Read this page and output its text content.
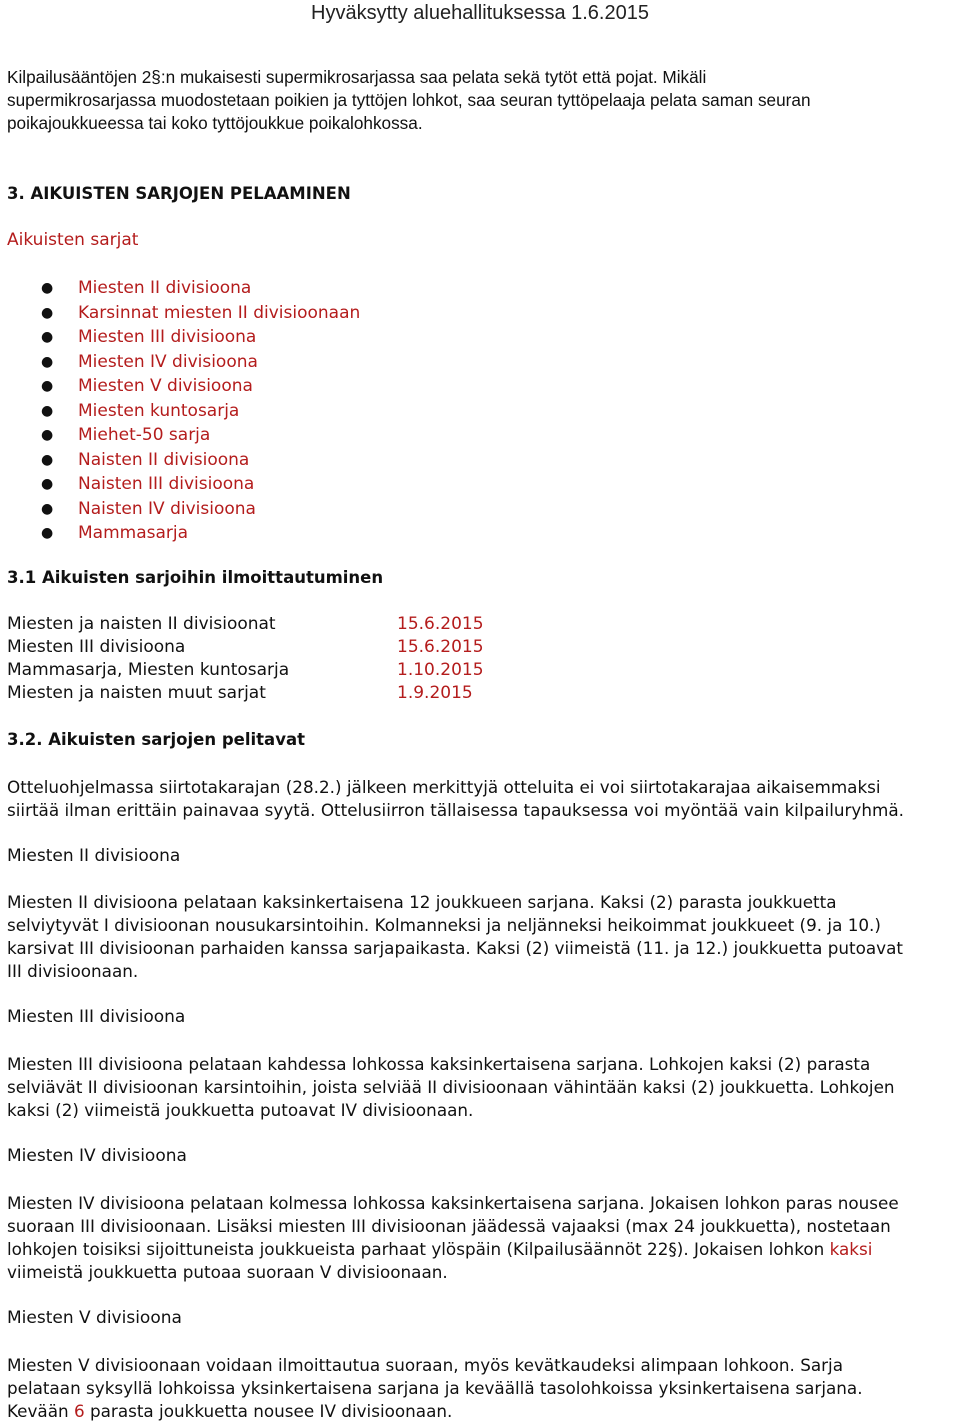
Hyväksytty aluehallituksessa 1.6.2015
Kilpailusääntöjen 2§:n mukaisesti supermikrosarjassa saa pelata sekä tytöt että pojat. Mikäli
supermikrosarjassa muodostetaan poikien ja tyttöjen lohkot, saa seuran tyttöpelaaja pelata saman seuran
poikajoukkueessa tai koko tyttöjoukkue poikalohkossa.
3. AIKUISTEN SARJOJEN PELAAMINEN
Aikuisten sarjat
● Miesten II divisioona
● Karsinnat miesten II divisioonaan
● Miesten III divisioona
● Miesten IV divisioona
● Miesten V divisioona
● Miesten kuntosarja
● Miehet-50 sarja
● Naisten II divisioona
● Naisten III divisioona
● Naisten IV divisioona
● Mammasarja
3.1 Aikuisten sarjoihin ilmoittautuminen
Miesten ja naisten II divisioonat	15.6.2015
Miesten III divisioona	15.6.2015
Mammasarja, Miesten kuntosarja	1.10.2015
Miesten ja naisten muut sarjat	1.9.2015
3.2. Aikuisten sarjojen pelitavat
Otteluohjelmassa siirtotakarajan (28.2.) jälkeen merkittyjä otteluita ei voi siirtotakarajaa aikaisemmaksi
siirtää ilman erittäin painavaa syytä. Ottelusiirron tällaisessa tapauksessa voi myöntää vain kilpailuryhmä.
Miesten II divisioona
Miesten II divisioona pelataan kaksinkertaisena 12 joukkueen sarjana. Kaksi (2) parasta joukkuetta
selviytyvät I divisioonan nousukarsintoihin. Kolmanneksi ja neljänneksi heikoimmat joukkueet (9. ja 10.)
karsivat III divisioonan parhaiden kanssa sarjapaikasta. Kaksi (2) viimeistä (11. ja 12.) joukkuetta putoavat
III divisioonaan.
Miesten III divisioona
Miesten III divisioona pelataan kahdessa lohkossa kaksinkertaisena sarjana. Lohkojen kaksi (2) parasta
selviävät II divisioonan karsintoihin, joista selviää II divisioonaan vähintään kaksi (2) joukkuetta. Lohkojen
kaksi (2) viimeistä joukkuetta putoavat IV divisioonaan.
Miesten IV divisioona
Miesten IV divisioona pelataan kolmessa lohkossa kaksinkertaisena sarjana. Jokaisen lohkon paras nousee
suoraan III divisioonaan. Lisäksi miesten III divisioonan jäädessä vajaaksi (max 24 joukkuetta), nostetaan
lohkojen toisiksi sijoittuneista joukkueista parhaat ylöspäin (Kilpailusäännöt 22§). Jokaisen lohkon kaksi
viimeistä joukkuetta putoaa suoraan V divisioonaan.
Miesten V divisioona
Miesten V divisioonaan voidaan ilmoittautua suoraan, myös kevätkaudeksi alimpaan lohkoon. Sarja
pelataan syksyllä lohkoissa yksinkertaisena sarjana ja keväällä tasolohkoissa yksinkertaisena sarjana.
Kevään 6 parasta joukkuetta nousee IV divisioonaan.
